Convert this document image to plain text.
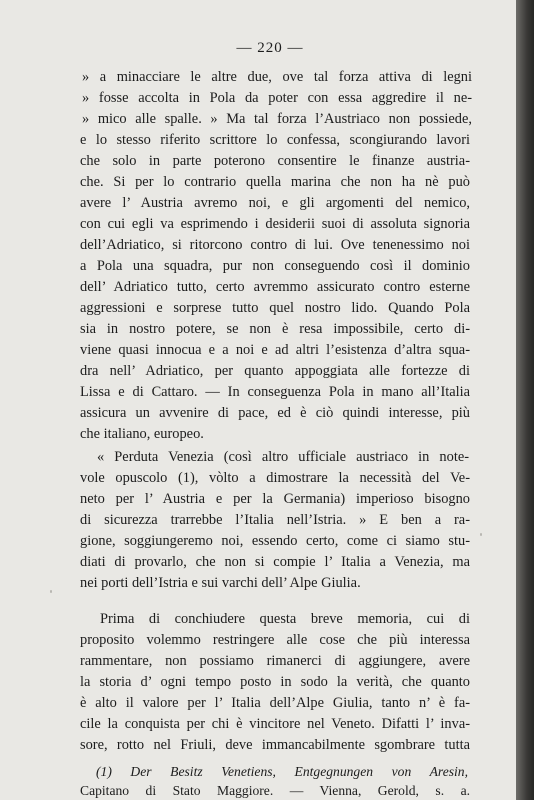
— 220 —
» a minacciare le altre due, ove tal forza attiva di legni
» fosse accolta in Pola da poter con essa aggredire il ne-
» mico alle spalle. » Ma tal forza l’Austriaco non possiede,
e lo stesso riferito scrittore lo confessa, scongiurando lavori
che solo in parte poterono consentire le finanze austria-
che. Si per lo contrario quella marina che non ha nè può
avere l’ Austria avremo noi, e gli argomenti del nemico,
con cui egli va esprimendo i desiderii suoi di assoluta signoria
dell’Adriatico, si ritorcono contro di lui. Ove tenenessimo noi
a Pola una squadra, pur non conseguendo così il dominio
dell’ Adriatico tutto, certo avremmo assicurato contro esterne
aggressioni e sorprese tutto quel nostro lido. Quando Pola
sia in nostro potere, se non è resa impossibile, certo di-
viene quasi innocua e a noi e ad altri l’esistenza d’altra squa-
dra nell’ Adriatico, per quanto appoggiata alle fortezze di
Lissa e di Cattaro. — In conseguenza Pola in mano all’Italia
assicura un avvenire di pace, ed è ciò quindi interesse, più
che italiano, europeo.
« Perduta Venezia (così altro ufficiale austriaco in note-
vole opuscolo (1), vòlto a dimostrare la necessità del Ve-
neto per l’ Austria e per la Germania) imperioso bisogno
di sicurezza trarrebbe l’Italia nell’Istria. » E ben a ra-
gione, soggiungeremo noi, essendo certo, come ci siamo stu-
diati di provarlo, che non si compie l’ Italia a Venezia, ma
nei porti dell’Istria e sui varchi dell’ Alpe Giulia.
Prima di conchiudere questa breve memoria, cui di
proposito volemmo restringere alle cose che più interessa
rammentare, non possiamo rimanerci di aggiungere, avere
la storia d’ ogni tempo posto in sodo la verità, che quanto
è alto il valore per l’ Italia dell’Alpe Giulia, tanto n’ è fa-
cile la conquista per chi è vincitore nel Veneto. Difatti l’ inva-
sore, rotto nel Friuli, deve immancabilmente sgombrare tutta
(1) Der Besitz Venetiens, Entgegnungen von Aresin,
Capitano di Stato Maggiore. — Vienna, Gerold, s. a.
